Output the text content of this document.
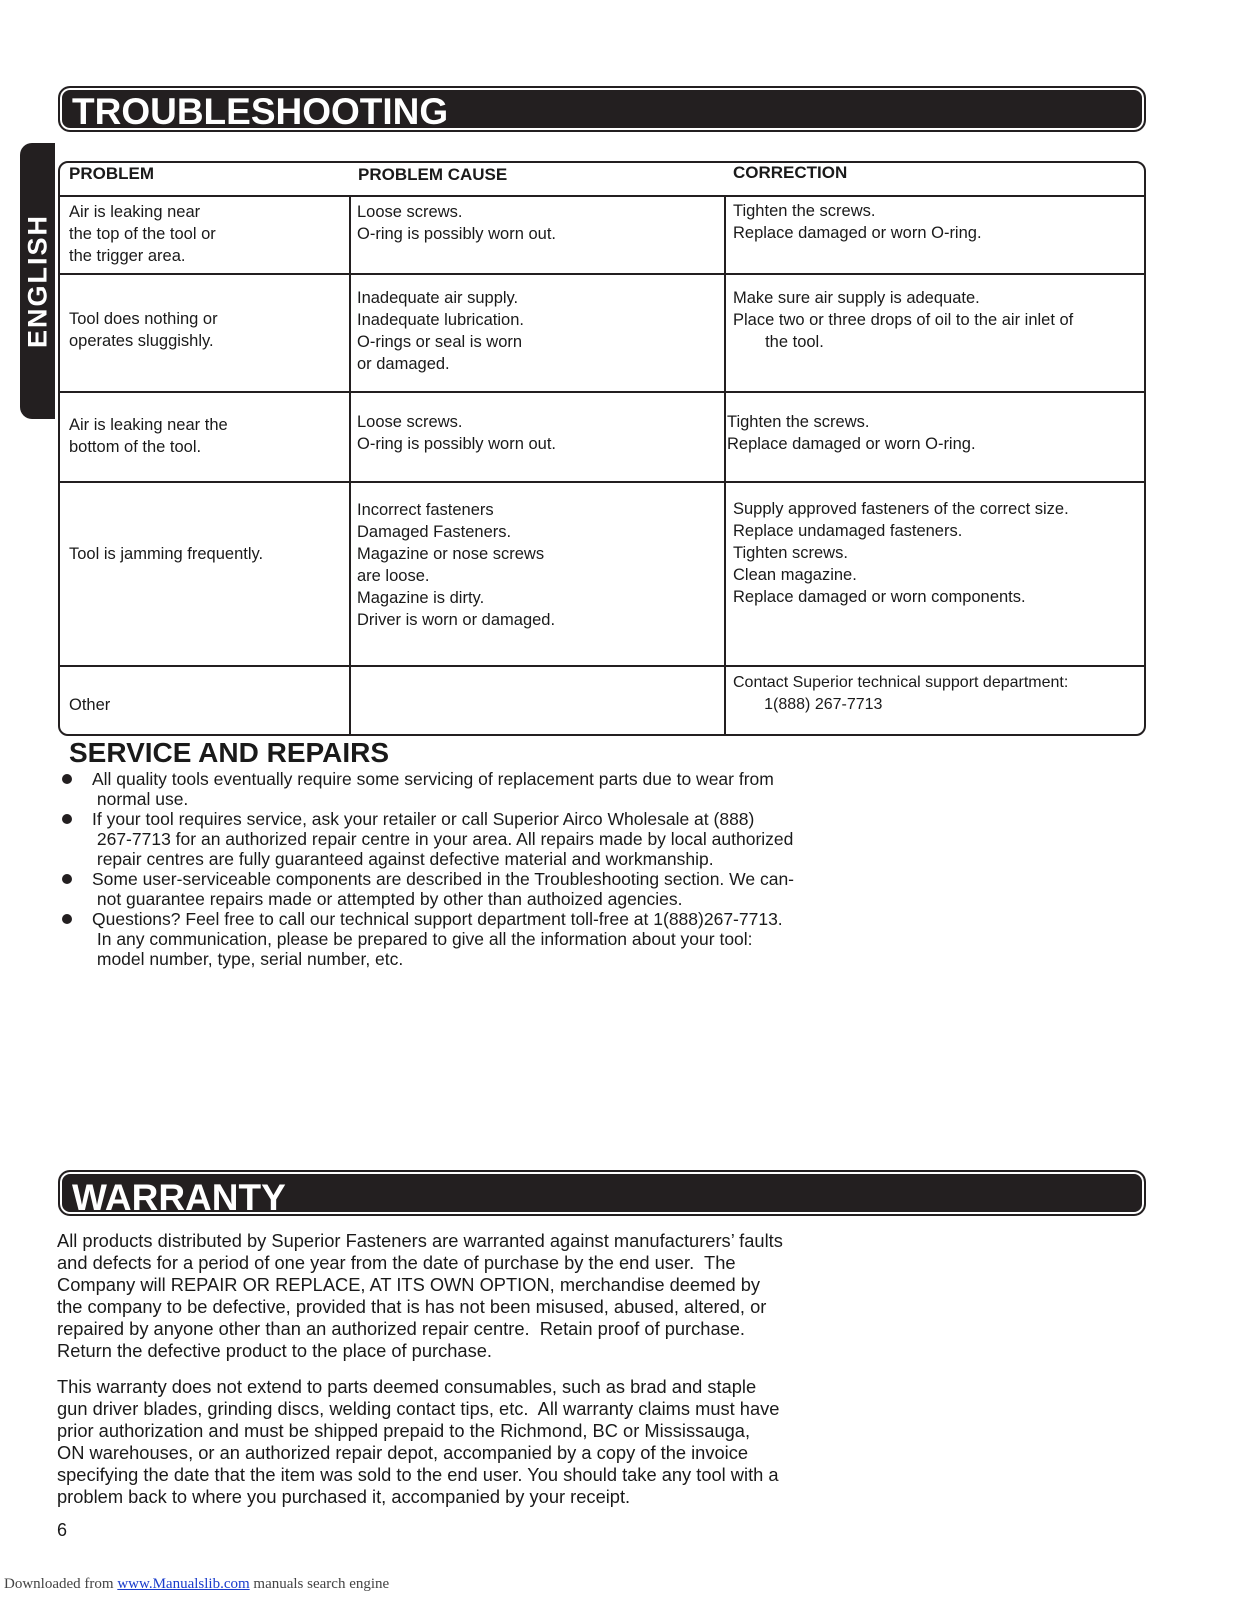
TROUBLESHOOTING
ENGLISH
PROBLEM	PROBLEM CAUSE	CORRECTION
Air is leaking near
the top of the tool or
the trigger area.
Loose screws.
O-ring is possibly worn out.
Tighten the screws.
Replace damaged or worn O-ring.
Tool does nothing or
operates sluggishly.
Inadequate air supply.
Inadequate lubrication.
O-rings or seal is worn
or damaged.
Make sure air supply is adequate.
Place two or three drops of oil to the air inlet of
the tool.
Air is leaking near the
bottom of the tool.
Loose screws.
O-ring is possibly worn out.
Tighten the screws.
Replace damaged or worn O-ring.
Tool is jamming frequently.
Incorrect fasteners
Damaged Fasteners.
Magazine or nose screws
are loose.
Magazine is dirty.
Driver is worn or damaged.
Supply approved fasteners of the correct size.
Replace undamaged fasteners.
Tighten screws.
Clean magazine.
Replace damaged or worn components.
Other
Contact Superior technical support department:
1(888) 267-7713
SERVICE AND REPAIRS
All quality tools eventually require some servicing of replacement parts due to wear from
normal use.
If your tool requires service, ask your retailer or call Superior Airco Wholesale at (888)
267-7713 for an authorized repair centre in your area. All repairs made by local authorized
repair centres are fully guaranteed against defective material and workmanship.
Some user-serviceable components are described in the Troubleshooting section. We can-
not guarantee repairs made or attempted by other than authoized agencies.
Questions? Feel free to call our technical support department toll-free at 1(888)267-7713.
In any communication, please be prepared to give all the information about your tool:
model number, type, serial number, etc.
WARRANTY

All products distributed by Superior Fasteners are warranted against manufacturers’ faults
and defects for a period of one year from the date of purchase by the end user.  The
Company will REPAIR OR REPLACE, AT ITS OWN OPTION, merchandise deemed by
the company to be defective, provided that is has not been misused, abused, altered, or
repaired by anyone other than an authorized repair centre.  Retain proof of purchase.
Return the defective product to the place of purchase.

This warranty does not extend to parts deemed consumables, such as brad and staple
gun driver blades, grinding discs, welding contact tips, etc.  All warranty claims must have
prior authorization and must be shipped prepaid to the Richmond, BC or Mississauga,
ON warehouses, or an authorized repair depot, accompanied by a copy of the invoice
specifying the date that the item was sold to the end user. You should take any tool with a
problem back to where you purchased it, accompanied by your receipt.

6
Downloaded from www.Manualslib.com manuals search engine
